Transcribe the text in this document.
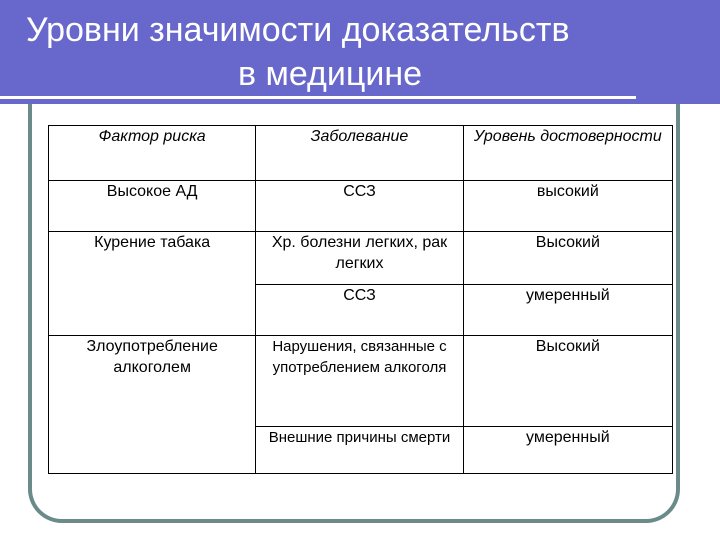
Уровни значимости доказательств
в медицине
Фактор риска	Заболевание	Уровень достоверности
Высокое АД	ССЗ	высокий
Курение табака	Хр. болезни легких, рак легких	Высокий
	ССЗ	умеренный
Злоупотребление алкоголем	Нарушения, связанные с употреблением алкоголя	Высокий
	Внешние причины смерти	умеренный
